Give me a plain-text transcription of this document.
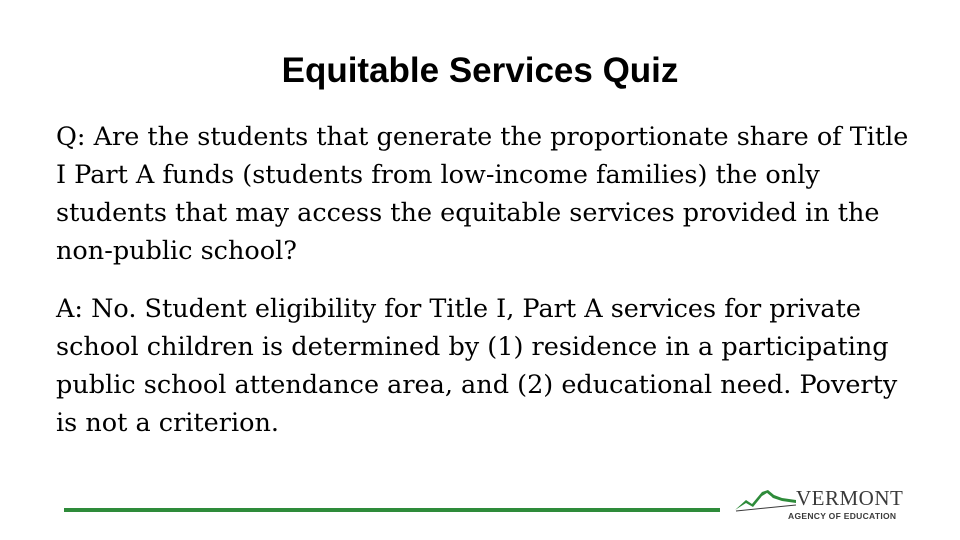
Equitable Services Quiz

Q: Are the students that generate the proportionate share of Title I Part A funds (students from low-income families) the only students that may access the equitable services provided in the non-public school?

A: No. Student eligibility for Title I, Part A services for private school children is determined by (1) residence in a participating public school attendance area, and (2) educational need. Poverty is not a criterion.

VERMONT
AGENCY OF EDUCATION
